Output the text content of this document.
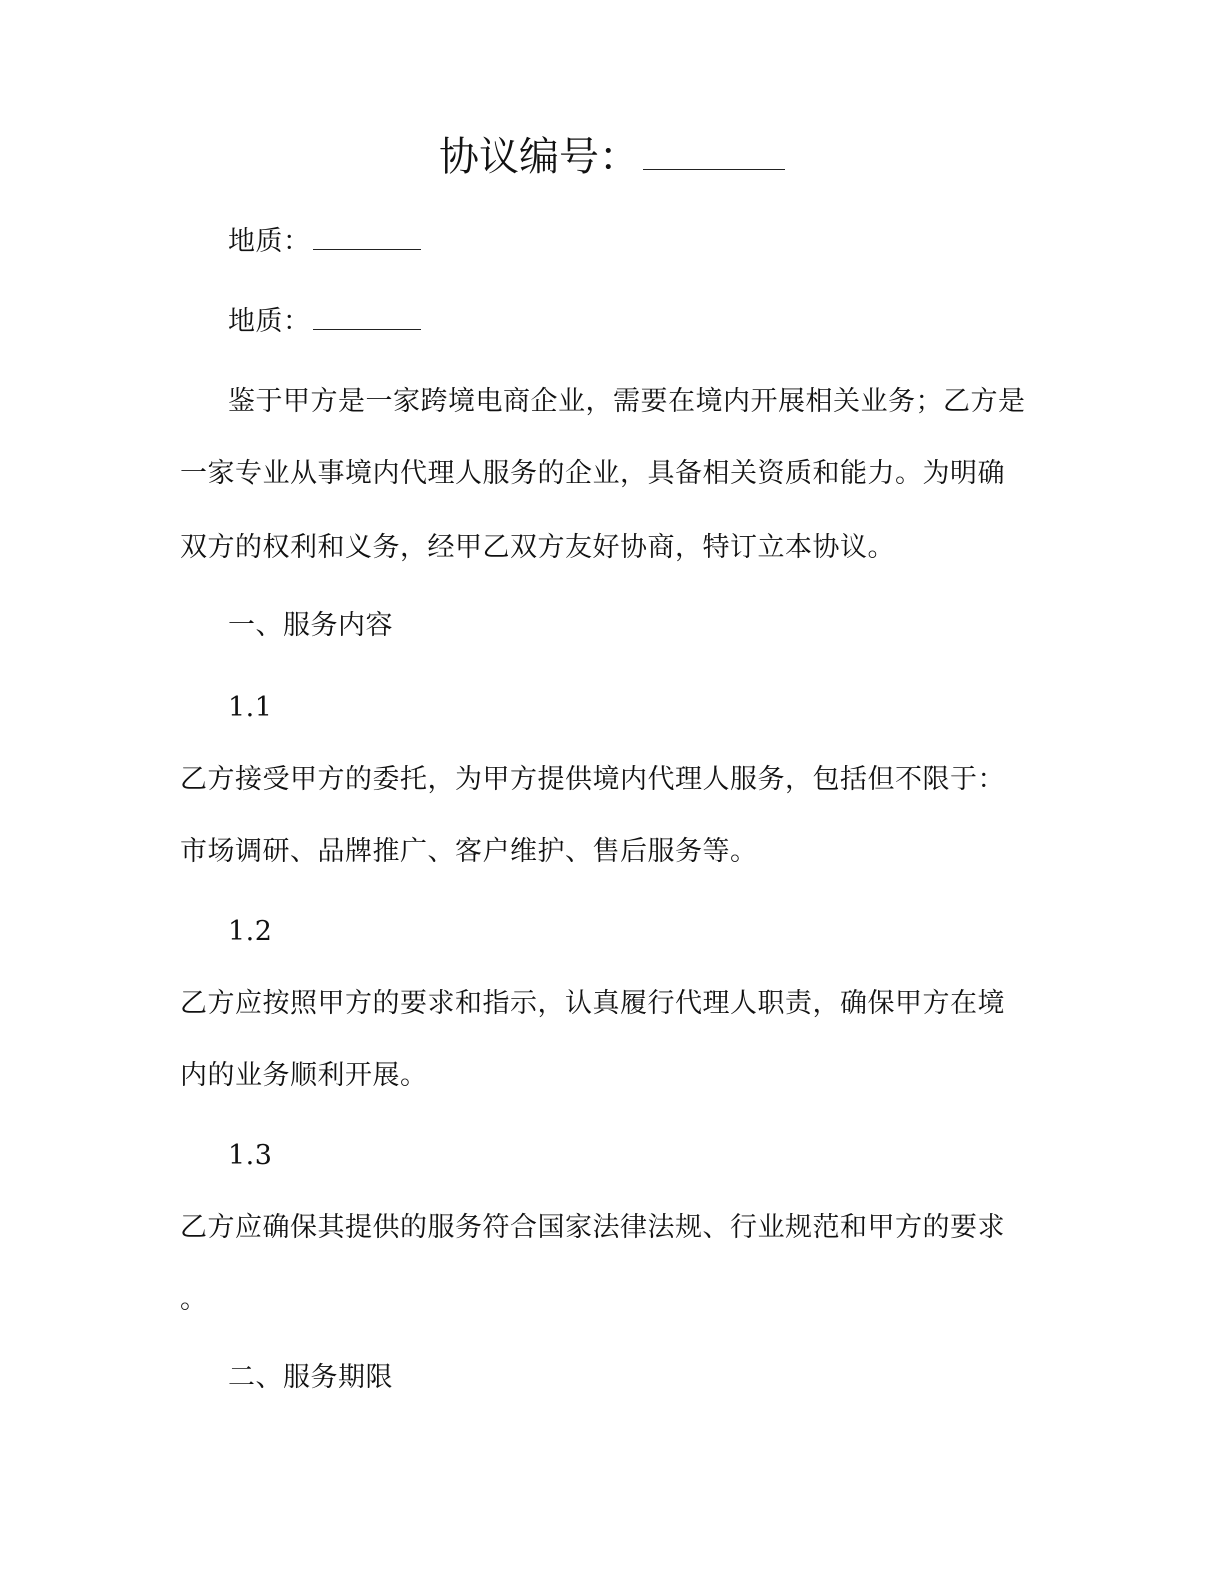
协议编号：
地质：
地质：
鉴于甲方是一家跨境电商企业，需要在境内开展相关业务；乙方是
一家专业从事境内代理人服务的企业，具备相关资质和能力。为明确
双方的权利和义务，经甲乙双方友好协商，特订立本协议。
一、服务内容
1.1
乙方接受甲方的委托，为甲方提供境内代理人服务，包括但不限于：
市场调研、品牌推广、客户维护、售后服务等。
1.2
乙方应按照甲方的要求和指示，认真履行代理人职责，确保甲方在境
内的业务顺利开展。
1.3
乙方应确保其提供的服务符合国家法律法规、行业规范和甲方的要求
。
二、服务期限
